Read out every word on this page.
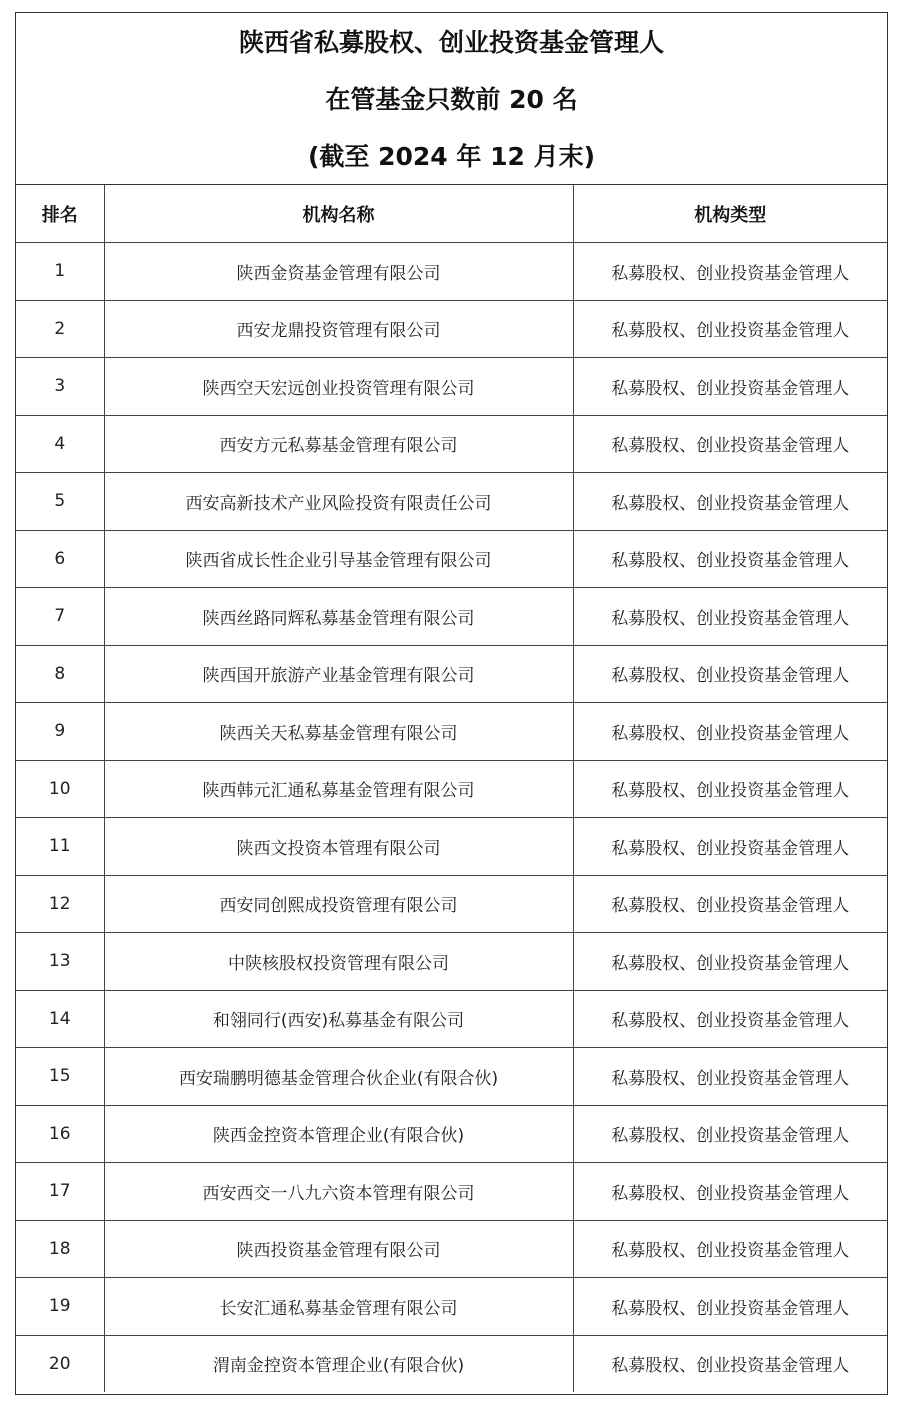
陕西省私募股权、创业投资基金管理人
在管基金只数前 20 名
(截至 2024 年 12 月末)
排名	机构名称	机构类型
1	陕西金资基金管理有限公司	私募股权、创业投资基金管理人
2	西安龙鼎投资管理有限公司	私募股权、创业投资基金管理人
3	陕西空天宏远创业投资管理有限公司	私募股权、创业投资基金管理人
4	西安方元私募基金管理有限公司	私募股权、创业投资基金管理人
5	西安高新技术产业风险投资有限责任公司	私募股权、创业投资基金管理人
6	陕西省成长性企业引导基金管理有限公司	私募股权、创业投资基金管理人
7	陕西丝路同辉私募基金管理有限公司	私募股权、创业投资基金管理人
8	陕西国开旅游产业基金管理有限公司	私募股权、创业投资基金管理人
9	陕西关天私募基金管理有限公司	私募股权、创业投资基金管理人
10	陕西韩元汇通私募基金管理有限公司	私募股权、创业投资基金管理人
11	陕西文投资本管理有限公司	私募股权、创业投资基金管理人
12	西安同创熙成投资管理有限公司	私募股权、创业投资基金管理人
13	中陕核股权投资管理有限公司	私募股权、创业投资基金管理人
14	和翎同行(西安)私募基金有限公司	私募股权、创业投资基金管理人
15	西安瑞鹏明德基金管理合伙企业(有限合伙)	私募股权、创业投资基金管理人
16	陕西金控资本管理企业(有限合伙)	私募股权、创业投资基金管理人
17	西安西交一八九六资本管理有限公司	私募股权、创业投资基金管理人
18	陕西投资基金管理有限公司	私募股权、创业投资基金管理人
19	长安汇通私募基金管理有限公司	私募股权、创业投资基金管理人
20	渭南金控资本管理企业(有限合伙)	私募股权、创业投资基金管理人
